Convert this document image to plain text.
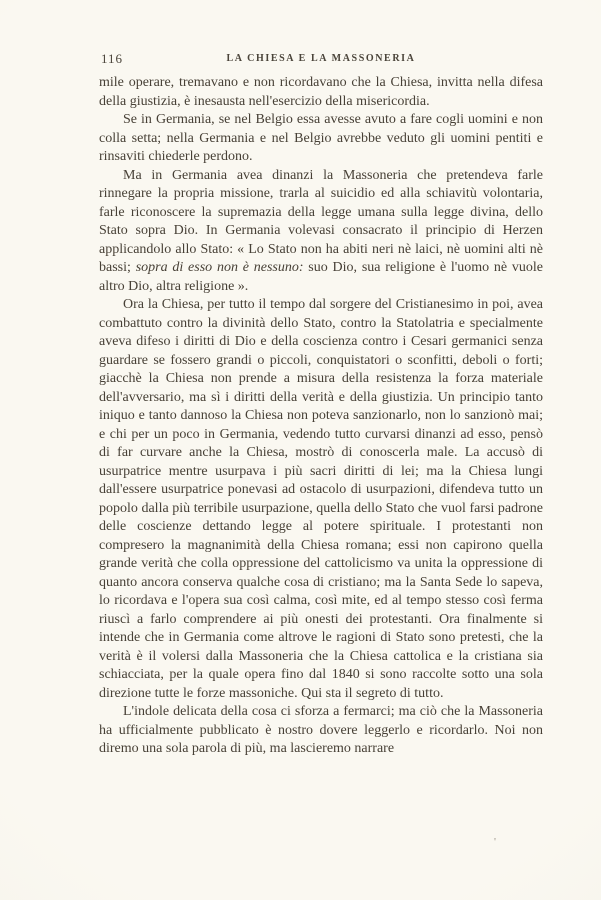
116	LA CHIESA E LA MASSONERIA

mile operare, tremavano e non ricordavano che la Chiesa, invitta nella difesa della giustizia, è inesausta nell'esercizio della misericordia.

Se in Germania, se nel Belgio essa avesse avuto a fare cogli uomini e non colla setta; nella Germania e nel Belgio avrebbe veduto gli uomini pentiti e rinsaviti chiederle perdono.

Ma in Germania avea dinanzi la Massoneria che pretendeva farle rinnegare la propria missione, trarla al suicidio ed alla schiavitù volontaria, farle riconoscere la supremazia della legge umana sulla legge divina, dello Stato sopra Dio. In Germania volevasi consacrato il principio di Herzen applicandolo allo Stato: « Lo Stato non ha abiti neri nè laici, nè uomini alti nè bassi; sopra di esso non è nessuno: suo Dio, sua religione è l'uomo nè vuole altro Dio, altra religione ».

Ora la Chiesa, per tutto il tempo dal sorgere del Cristianesimo in poi, avea combattuto contro la divinità dello Stato, contro la Statolatria e specialmente aveva difeso i diritti di Dio e della coscienza contro i Cesari germanici senza guardare se fossero grandi o piccoli, conquistatori o sconfitti, deboli o forti; giacchè la Chiesa non prende a misura della resistenza la forza materiale dell'avversario, ma sì i diritti della verità e della giustizia. Un principio tanto iniquo e tanto dannoso la Chiesa non poteva sanzionarlo, non lo sanzionò mai; e chi per un poco in Germania, vedendo tutto curvarsi dinanzi ad esso, pensò di far curvare anche la Chiesa, mostrò di conoscerla male. La accusò di usurpatrice mentre usurpava i più sacri diritti di lei; ma la Chiesa lungi dall'essere usurpatrice ponevasi ad ostacolo di usurpazioni, difendeva tutto un popolo dalla più terribile usurpazione, quella dello Stato che vuol farsi padrone delle coscienze dettando legge al potere spirituale. I protestanti non compresero la magnanimità della Chiesa romana; essi non capirono quella grande verità che colla oppressione del cattolicismo va unita la oppressione di quanto ancora conserva qualche cosa di cristiano; ma la Santa Sede lo sapeva, lo ricordava e l'opera sua così calma, così mite, ed al tempo stesso così ferma riuscì a farlo comprendere ai più onesti dei protestanti. Ora finalmente si intende che in Germania come altrove le ragioni di Stato sono pretesti, che la verità è il volersi dalla Massoneria che la Chiesa cattolica e la cristiana sia schiacciata, per la quale opera fino dal 1840 si sono raccolte sotto una sola direzione tutte le forze massoniche. Qui sta il segreto di tutto.

L'indole delicata della cosa ci sforza a fermarci; ma ciò che la Massoneria ha ufficialmente pubblicato è nostro dovere leggerlo e ricordarlo. Noi non diremo una sola parola di più, ma lascieremo narrare

'
